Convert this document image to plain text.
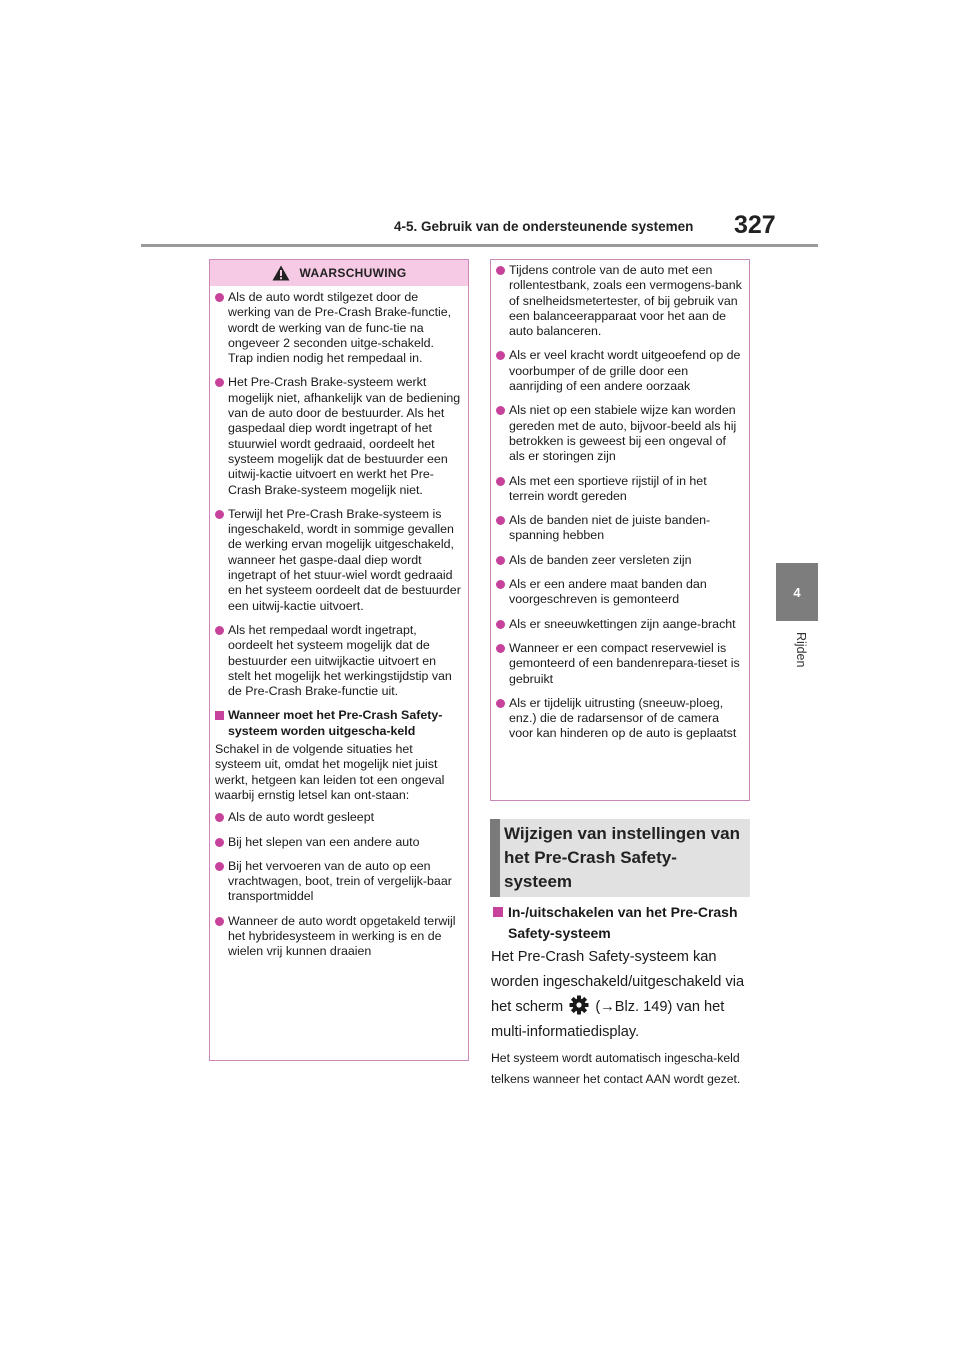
4-5. Gebruik van de ondersteunende systemen 327
4
Rijden
WAARSCHUWING
Als de auto wordt stilgezet door de werking van de Pre-Crash Brake-functie, wordt de werking van de func-tie na ongeveer 2 seconden uitge-schakeld. Trap indien nodig het rempedaal in.
Het Pre-Crash Brake-systeem werkt mogelijk niet, afhankelijk van de bediening van de auto door de bestuurder. Als het gaspedaal diep wordt ingetrapt of het stuurwiel wordt gedraaid, oordeelt het systeem mogelijk dat de bestuurder een uitwij-kactie uitvoert en werkt het Pre-Crash Brake-systeem mogelijk niet.
Terwijl het Pre-Crash Brake-systeem is ingeschakeld, wordt in sommige gevallen de werking ervan mogelijk uitgeschakeld, wanneer het gaspe-daal diep wordt ingetrapt of het stuur-wiel wordt gedraaid en het systeem oordeelt dat de bestuurder een uitwij-kactie uitvoert.
Als het rempedaal wordt ingetrapt, oordeelt het systeem mogelijk dat de bestuurder een uitwijkactie uitvoert en stelt het mogelijk het werkingstijdstip van de Pre-Crash Brake-functie uit.
Wanneer moet het Pre-Crash Safety-systeem worden uitgescha-keld
Schakel in de volgende situaties het systeem uit, omdat het mogelijk niet juist werkt, hetgeen kan leiden tot een ongeval waarbij ernstig letsel kan ont-staan:
Als de auto wordt gesleept
Bij het slepen van een andere auto
Bij het vervoeren van de auto op een vrachtwagen, boot, trein of vergelijk-baar transportmiddel
Wanneer de auto wordt opgetakeld terwijl het hybridesysteem in werking is en de wielen vrij kunnen draaien
Tijdens controle van de auto met een rollentestbank, zoals een vermogens-bank of snelheidsmetertester, of bij gebruik van een balanceerapparaat voor het aan de auto balanceren.
Als er veel kracht wordt uitgeoefend op de voorbumper of de grille door een aanrijding of een andere oorzaak
Als niet op een stabiele wijze kan worden gereden met de auto, bijvoor-beeld als hij betrokken is geweest bij een ongeval of als er storingen zijn
Als met een sportieve rijstijl of in het terrein wordt gereden
Als de banden niet de juiste banden-spanning hebben
Als de banden zeer versleten zijn
Als er een andere maat banden dan voorgeschreven is gemonteerd
Als er sneeuwkettingen zijn aange-bracht
Wanneer er een compact reservewiel is gemonteerd of een bandenrepara-tieset is gebruikt
Als er tijdelijk uitrusting (sneeuw-ploeg, enz.) die de radarsensor of de camera voor kan hinderen op de auto is geplaatst
Wijzigen van instellingen van het Pre-Crash Safety-systeem
In-/uitschakelen van het Pre-Crash Safety-systeem
Het Pre-Crash Safety-systeem kan worden ingeschakeld/uitgeschakeld via het scherm (→Blz. 149) van het multi-informatiedisplay.
Het systeem wordt automatisch ingescha-keld telkens wanneer het contact AAN wordt gezet.
